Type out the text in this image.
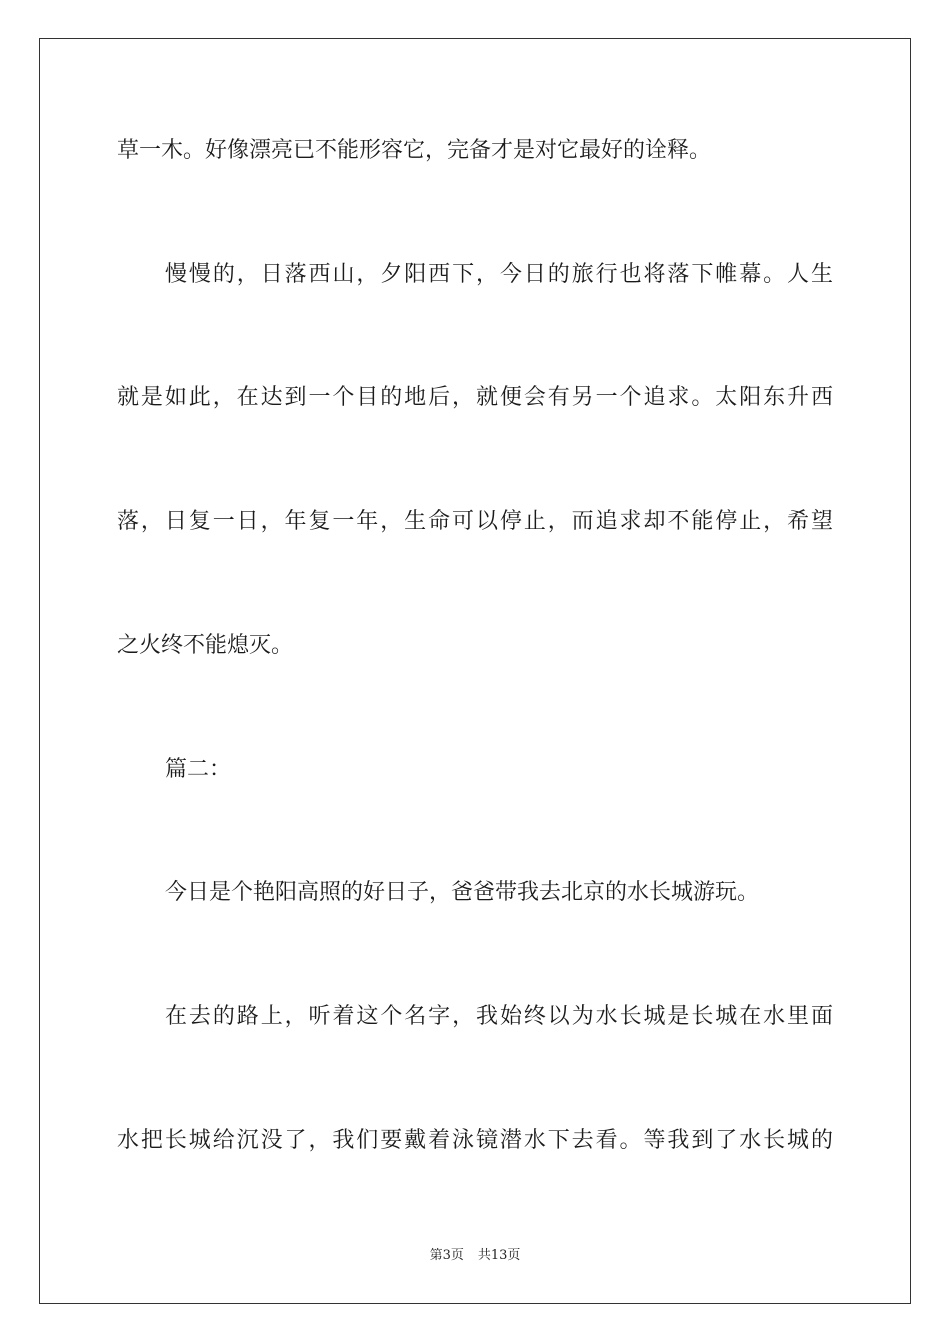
草一木。好像漂亮已不能形容它，完备才是对它最好的诠释。
慢慢的，日落西山，夕阳西下，今日的旅行也将落下帷幕。人生
就是如此，在达到一个目的地后，就便会有另一个追求。太阳东升西
落，日复一日，年复一年，生命可以停止，而追求却不能停止，希望
之火终不能熄灭。
篇二：
今日是个艳阳高照的好日子，爸爸带我去北京的水长城游玩。
在去的路上，听着这个名字，我始终以为水长城是长城在水里面
水把长城给沉没了，我们要戴着泳镜潜水下去看。等我到了水长城的
第3页 共13页
